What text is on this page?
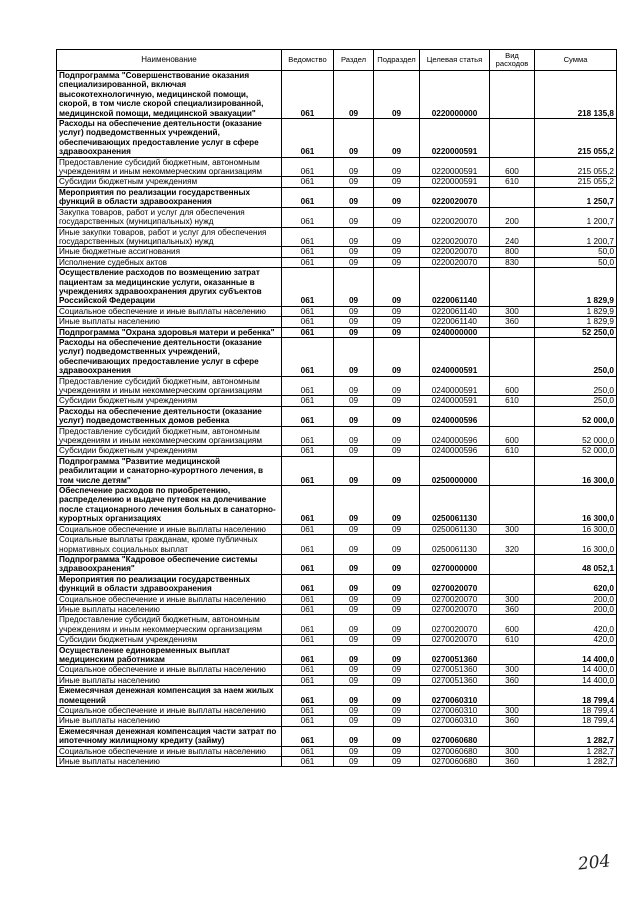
Наименование	Ведомство	Раздел	Подраздел	Целевая статья	Вид расходов	Сумма
Подпрограмма "Совершенствование оказания специализированной, включая высокотехнологичную, медицинской помощи, скорой, в том числе скорой специализированной, медицинской помощи, медицинской эвакуации"	061	09	09	0220000000		218 135,8
Расходы на обеспечение деятельности (оказание услуг) подведомственных учреждений, обеспечивающих предоставление услуг в сфере здравоохранения	061	09	09	0220000591		215 055,2
Предоставление субсидий бюджетным, автономным учреждениям и иным некоммерческим организациям	061	09	09	0220000591	600	215 055,2
Субсидии бюджетным учреждениям	061	09	09	0220000591	610	215 055,2
Мероприятия по реализации государственных функций в области здравоохранения	061	09	09	0220020070		1 250,7
Закупка товаров, работ и услуг для обеспечения государственных (муниципальных) нужд	061	09	09	0220020070	200	1 200,7
Иные закупки товаров, работ и услуг для обеспечения государственных (муниципальных) нужд	061	09	09	0220020070	240	1 200,7
Иные бюджетные ассигнования	061	09	09	0220020070	800	50,0
Исполнение судебных актов	061	09	09	0220020070	830	50,0
Осуществление расходов по возмещению затрат пациентам за медицинские услуги, оказанные в учреждениях здравоохранения других субъектов Российской Федерации	061	09	09	0220061140		1 829,9
Социальное обеспечение и иные выплаты населению	061	09	09	0220061140	300	1 829,9
Иные выплаты населению	061	09	09	0220061140	360	1 829,9
Подпрограмма "Охрана здоровья матери и ребенка"	061	09	09	0240000000		52 250,0
Расходы на обеспечение деятельности (оказание услуг) подведомственных учреждений, обеспечивающих предоставление услуг в сфере здравоохранения	061	09	09	0240000591		250,0
Предоставление субсидий бюджетным, автономным учреждениям и иным некоммерческим организациям	061	09	09	0240000591	600	250,0
Субсидии бюджетным учреждениям	061	09	09	0240000591	610	250,0
Расходы на обеспечение деятельности (оказание услуг) подведомственных домов ребенка	061	09	09	0240000596		52 000,0
Предоставление субсидий бюджетным, автономным учреждениям и иным некоммерческим организациям	061	09	09	0240000596	600	52 000,0
Субсидии бюджетным учреждениям	061	09	09	0240000596	610	52 000,0
Подпрограмма "Развитие медицинской реабилитации и санаторно-курортного лечения, в том числе детям"	061	09	09	0250000000		16 300,0
Обеспечение расходов по приобретению, распределению и выдаче путевок на долечивание после стационарного лечения больных в санаторно-курортных организациях	061	09	09	0250061130		16 300,0
Социальное обеспечение и иные выплаты населению	061	09	09	0250061130	300	16 300,0
Социальные выплаты гражданам, кроме публичных нормативных социальных выплат	061	09	09	0250061130	320	16 300,0
Подпрограмма "Кадровое обеспечение системы здравоохранения"	061	09	09	0270000000		48 052,1
Мероприятия по реализации государственных функций в области здравоохранения	061	09	09	0270020070		620,0
Социальное обеспечение и иные выплаты населению	061	09	09	0270020070	300	200,0
Иные выплаты населению	061	09	09	0270020070	360	200,0
Предоставление субсидий бюджетным, автономным учреждениям и иным некоммерческим организациям	061	09	09	0270020070	600	420,0
Субсидии бюджетным учреждениям	061	09	09	0270020070	610	420,0
Осуществление единовременных выплат медицинским работникам	061	09	09	0270051360		14 400,0
Социальное обеспечение и иные выплаты населению	061	09	09	0270051360	300	14 400,0
Иные выплаты населению	061	09	09	0270051360	360	14 400,0
Ежемесячная денежная компенсация за наем жилых помещений	061	09	09	0270060310		18 799,4
Социальное обеспечение и иные выплаты населению	061	09	09	0270060310	300	18 799,4
Иные выплаты населению	061	09	09	0270060310	360	18 799,4
Ежемесячная денежная компенсация части затрат по ипотечному жилищному кредиту (займу)	061	09	09	0270060680		1 282,7
Социальное обеспечение и иные выплаты населению	061	09	09	0270060680	300	1 282,7
Иные выплаты населению	061	09	09	0270060680	360	1 282,7
204
